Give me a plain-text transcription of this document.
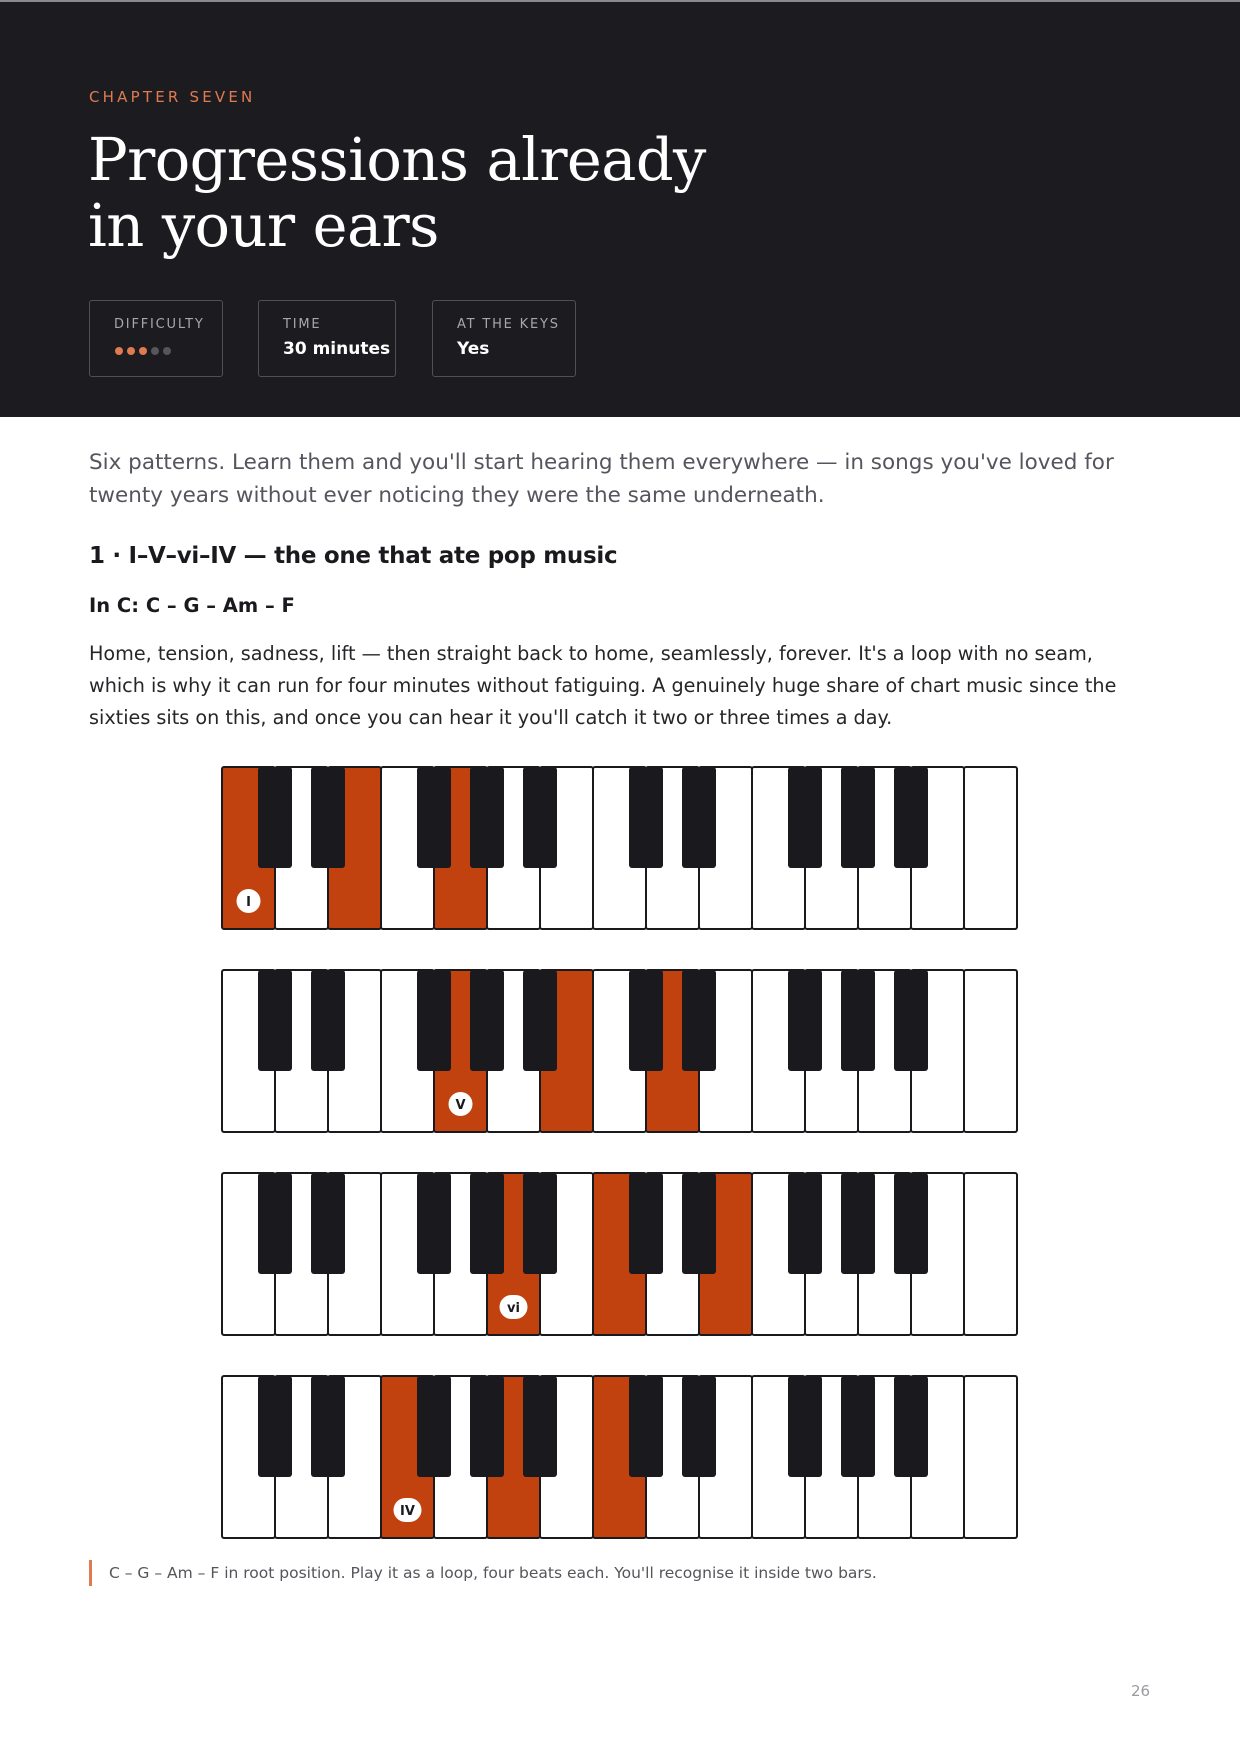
CHAPTER SEVEN
Progressions already
in your ears
DIFFICULTY	TIME
30 minutes
AT THE KEYS
Yes

Six patterns. Learn them and you'll start hearing them everywhere — in songs you've loved for twenty years without ever noticing they were the same underneath.

1 · I–V–vi–IV — the one that ate pop music
In C: C – G – Am – F

Home, tension, sadness, lift — then straight back to home, seamlessly, forever. It's a loop with no seam, which is why it can run for four minutes without fatiguing. A genuinely huge share of chart music since the sixties sits on this, and once you can hear it you'll catch it two or three times a day.

I
V
vi
IV
C – G – Am – F in root position. Play it as a loop, four beats each. You'll recognise it inside two bars.
26
